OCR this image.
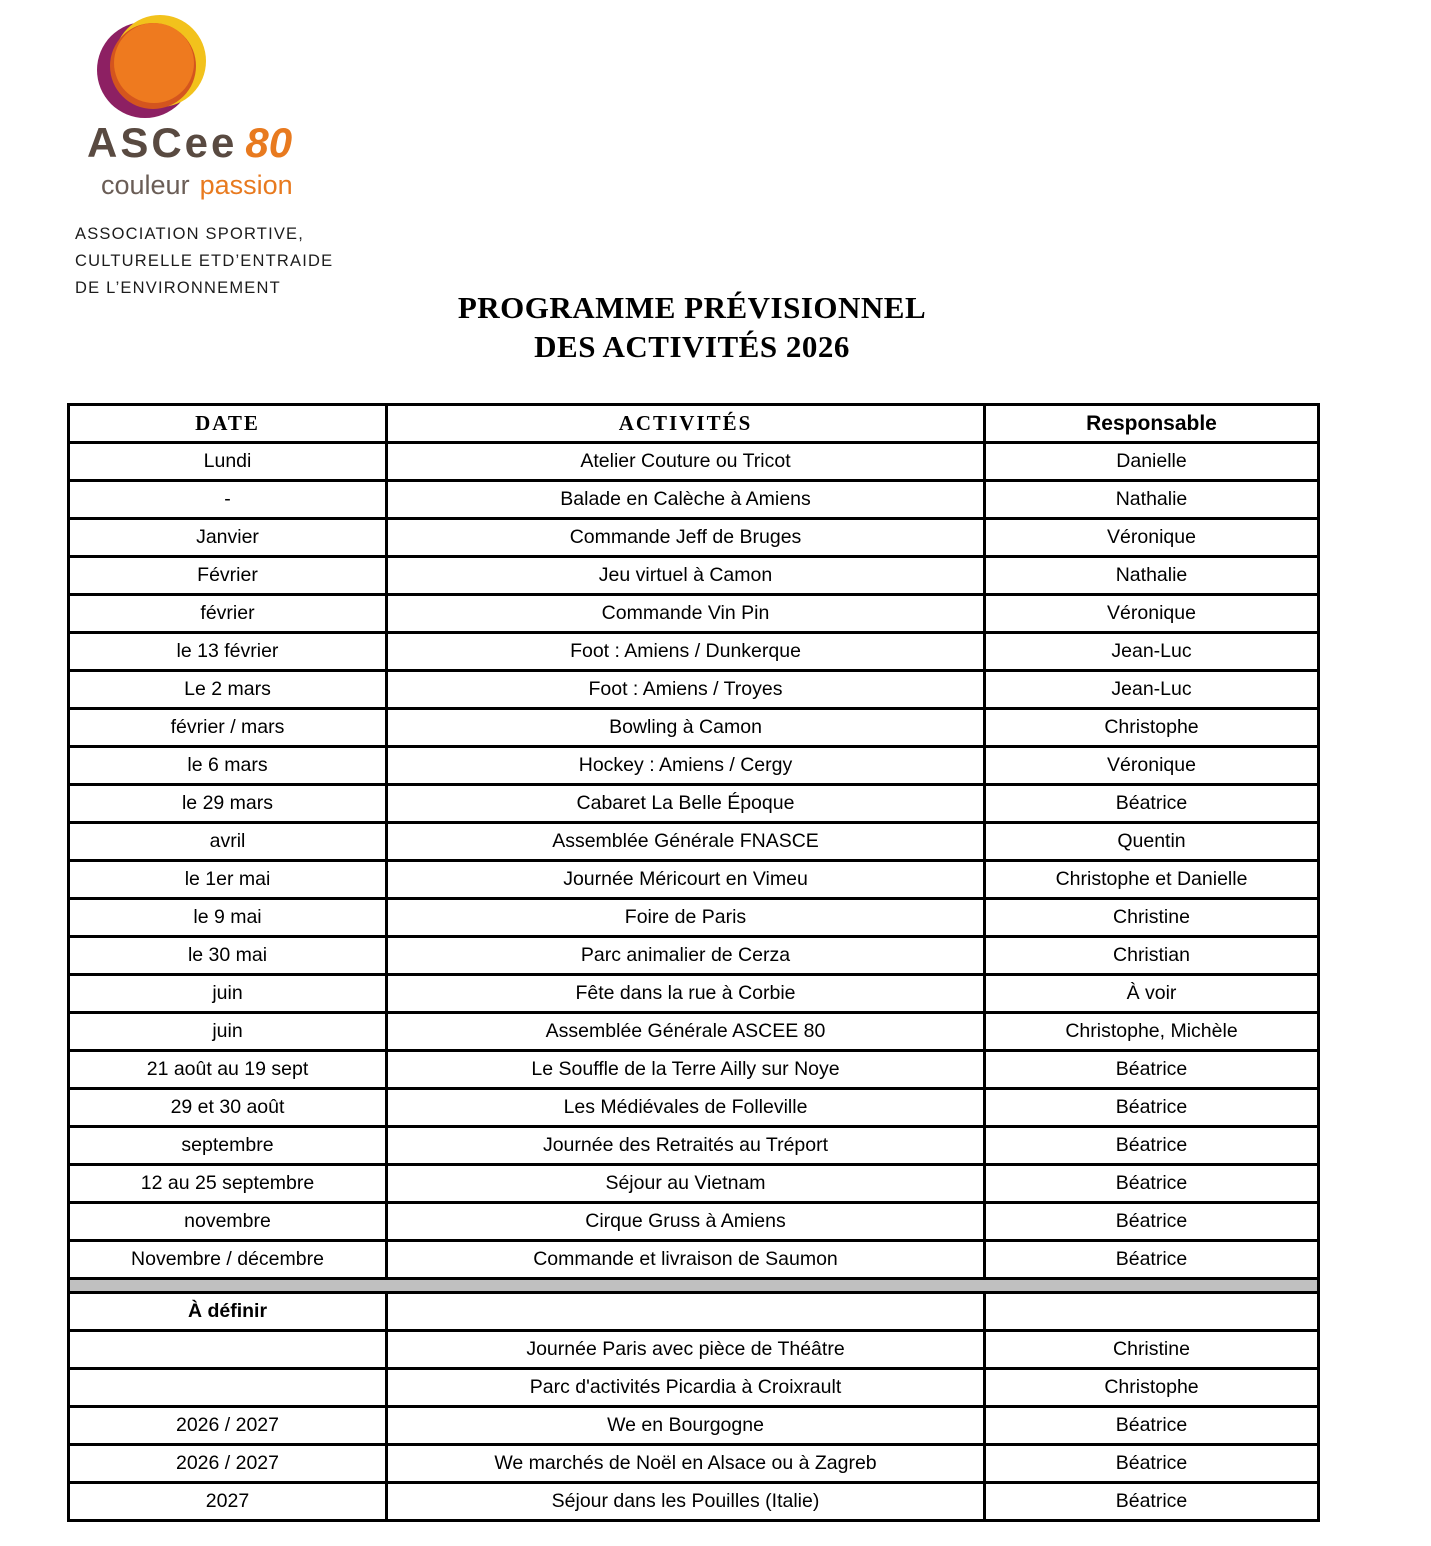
ASCee 80
couleur passion
ASSOCIATION SPORTIVE,
CULTURELLE ETD’ENTRAIDE
DE L’ENVIRONNEMENT
PROGRAMME PRÉVISIONNEL
DES ACTIVITÉS 2026
DATE	ACTIVITÉS	Responsable
Lundi	Atelier Couture ou Tricot	Danielle
-	Balade en Calèche à Amiens	Nathalie
Janvier	Commande Jeff de Bruges	Véronique
Février	Jeu virtuel à Camon	Nathalie
février	Commande Vin Pin	Véronique
le 13 février	Foot : Amiens / Dunkerque	Jean-Luc
Le 2 mars	Foot : Amiens / Troyes	Jean-Luc
février / mars	Bowling à Camon	Christophe
le 6 mars	Hockey : Amiens / Cergy	Véronique
le 29 mars	Cabaret La Belle Époque	Béatrice
avril	Assemblée Générale FNASCE	Quentin
le 1er mai	Journée Méricourt en Vimeu	Christophe et Danielle
le 9 mai	Foire de Paris	Christine
le 30 mai	Parc animalier de Cerza	Christian
juin	Fête dans la rue à Corbie	À voir
juin	Assemblée Générale ASCEE 80	Christophe, Michèle
21 août au 19 sept	Le Souffle de la Terre Ailly sur Noye	Béatrice
29 et 30 août	Les Médiévales de Folleville	Béatrice
septembre	Journée des Retraités au Tréport	Béatrice
12 au 25 septembre	Séjour au Vietnam	Béatrice
novembre	Cirque Gruss à Amiens	Béatrice
Novembre / décembre	Commande et livraison de Saumon	Béatrice

À définir		
	Journée Paris avec pièce de Théâtre	Christine
	Parc d'activités Picardia à Croixrault	Christophe
2026 / 2027	We en Bourgogne	Béatrice
2026 / 2027	We marchés de Noël en Alsace ou à Zagreb	Béatrice
2027	Séjour dans les Pouilles (Italie)	Béatrice
